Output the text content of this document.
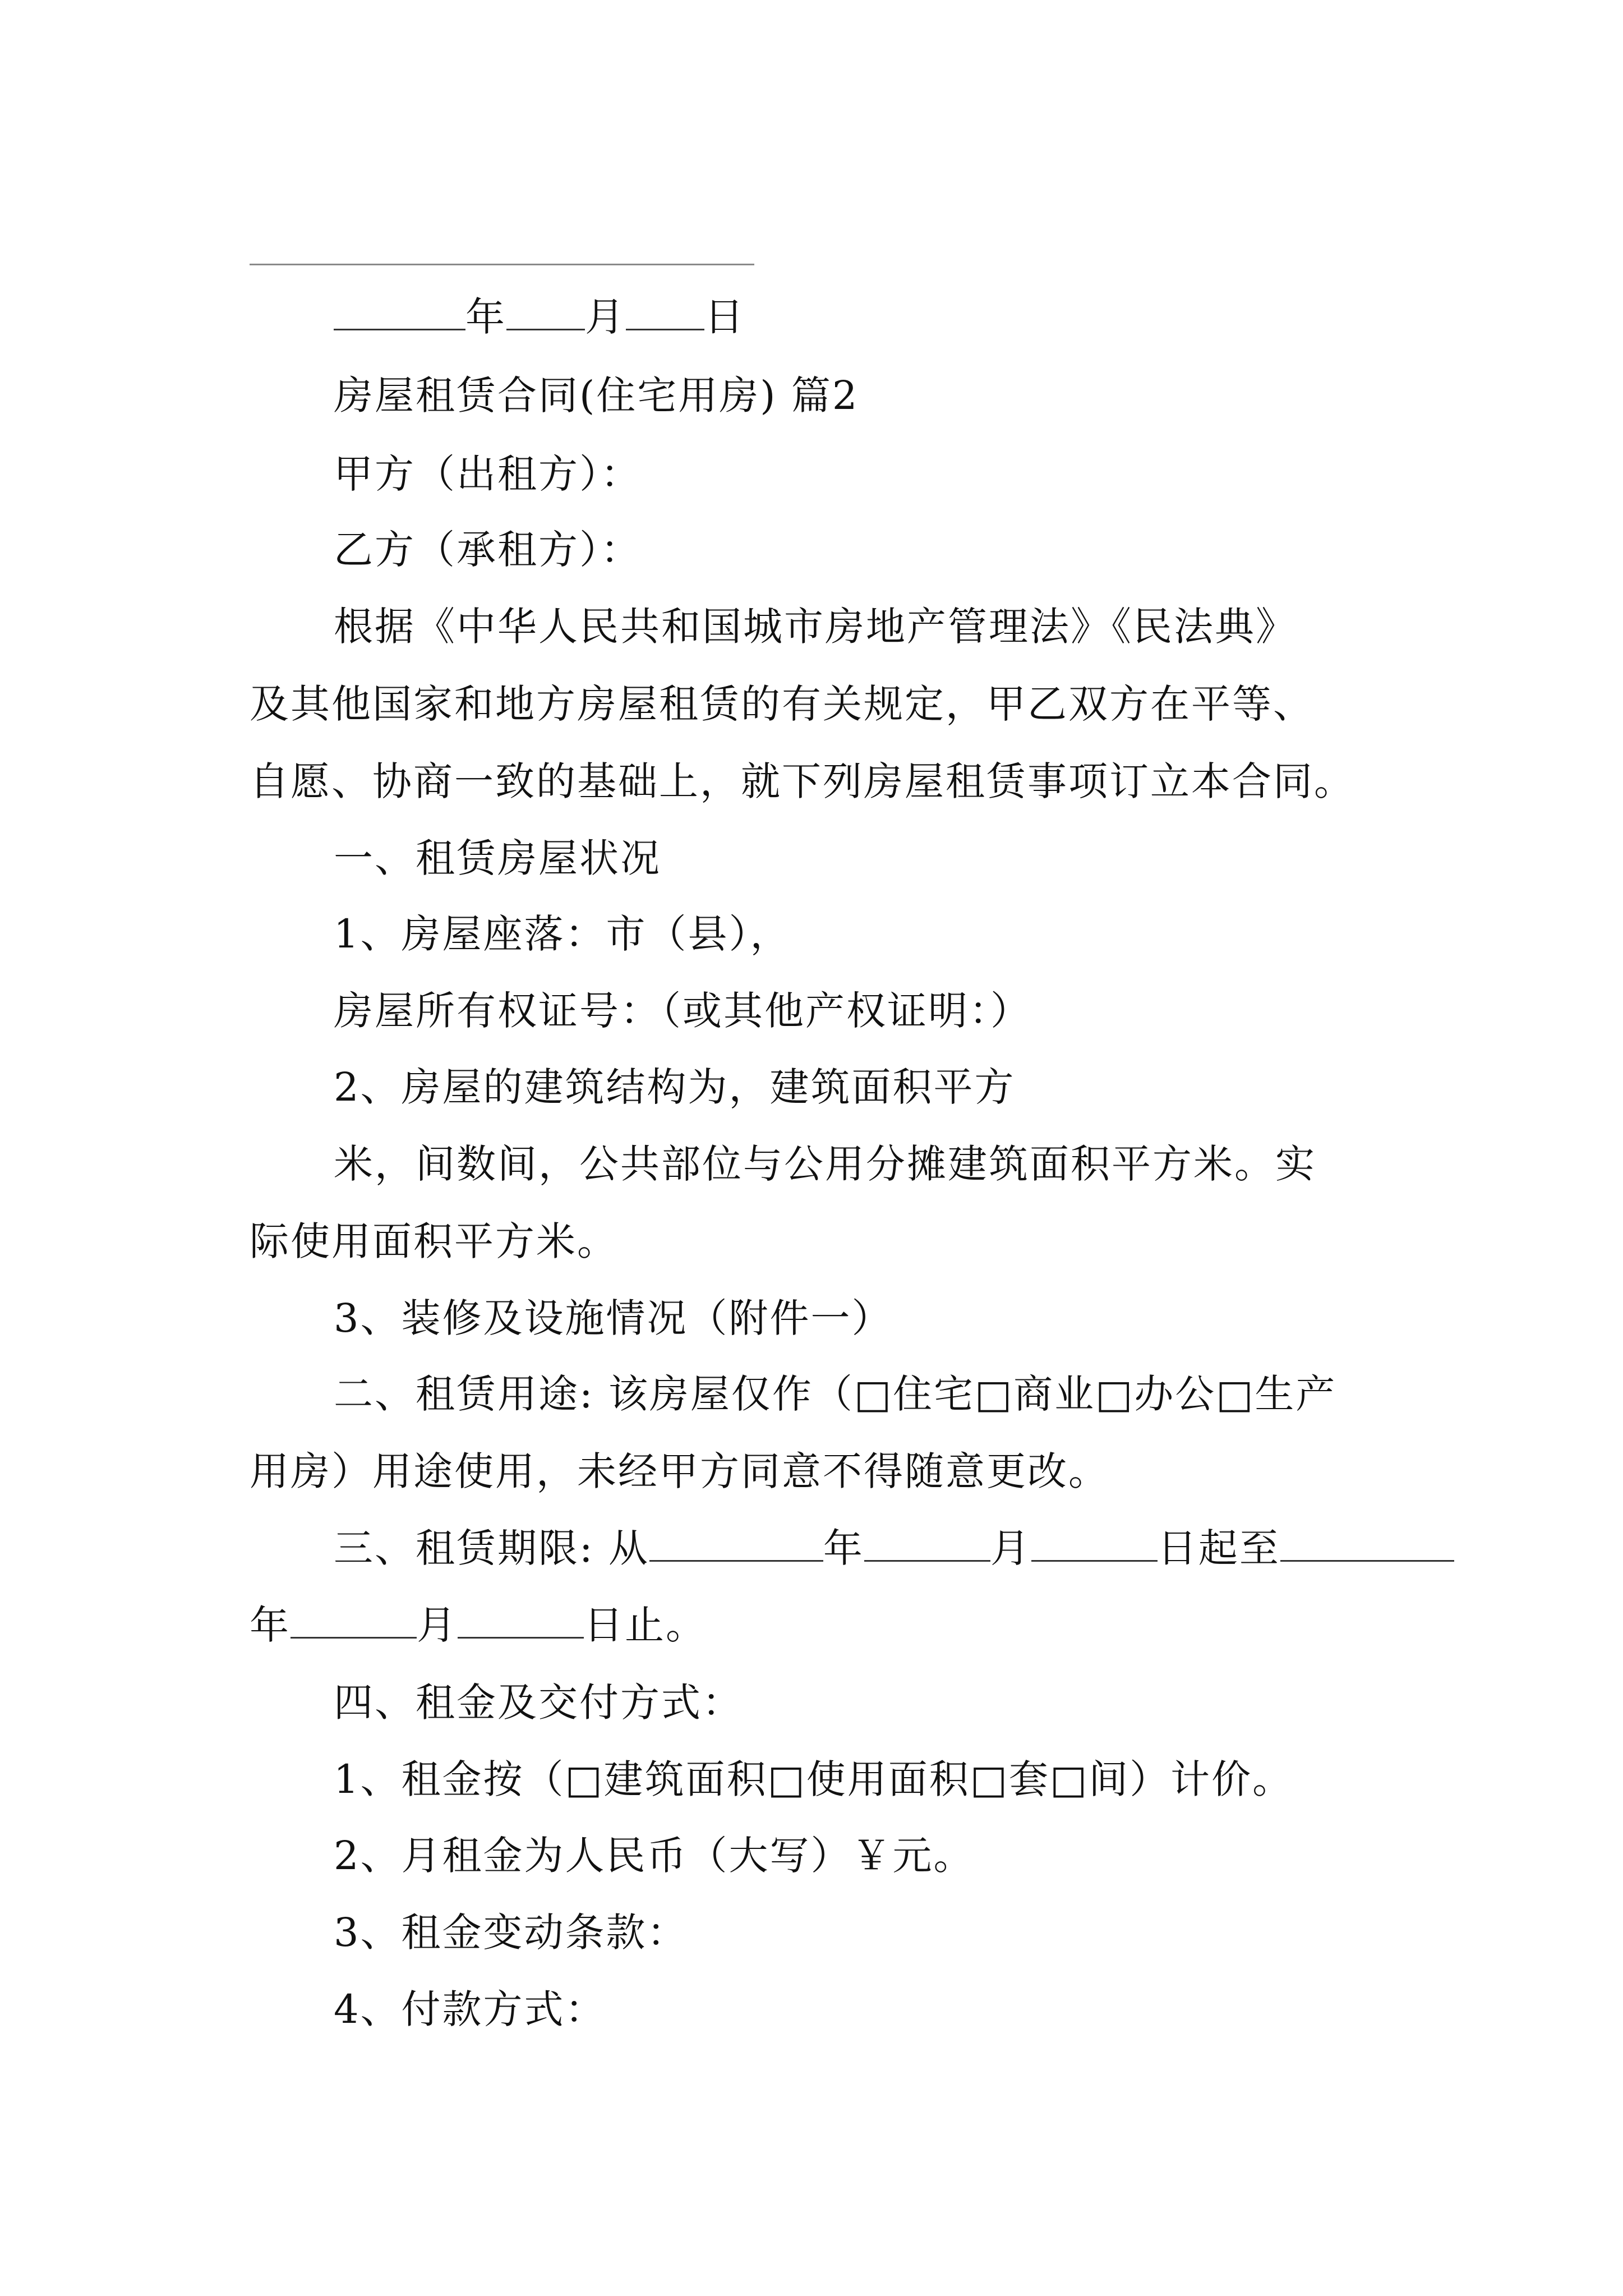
年 月 日
房屋租赁合同(住宅用房) 篇2
甲方（出租方）：
乙方（承租方）：
根据《中华人民共和国城市房地产管理法》《民法典》
及其他国家和地方房屋租赁的有关规定，甲乙双方在平等、
自愿、协商一致的基础上，就下列房屋租赁事项订立本合同。
一、租赁房屋状况
1、房屋座落：市（县），
房屋所有权证号：（或其他产权证明：）
2、房屋的建筑结构为，建筑面积平方
米，间数间，公共部位与公用分摊建筑面积平方米。实
际使用面积平方米。
3、装修及设施情况（附件一）
二、租赁用途: 该房屋仅作（□住宅□商业□办公□生产
用房）用途使用，未经甲方同意不得随意更改。
三、租赁期限: 从	年	月	日起至
年	月	日止。
四、租金及交付方式：
1、租金按（□建筑面积□使用面积□套□间）计价。
2、月租金为人民币（大写）￥元。
3、租金变动条款：
4、付款方式：
